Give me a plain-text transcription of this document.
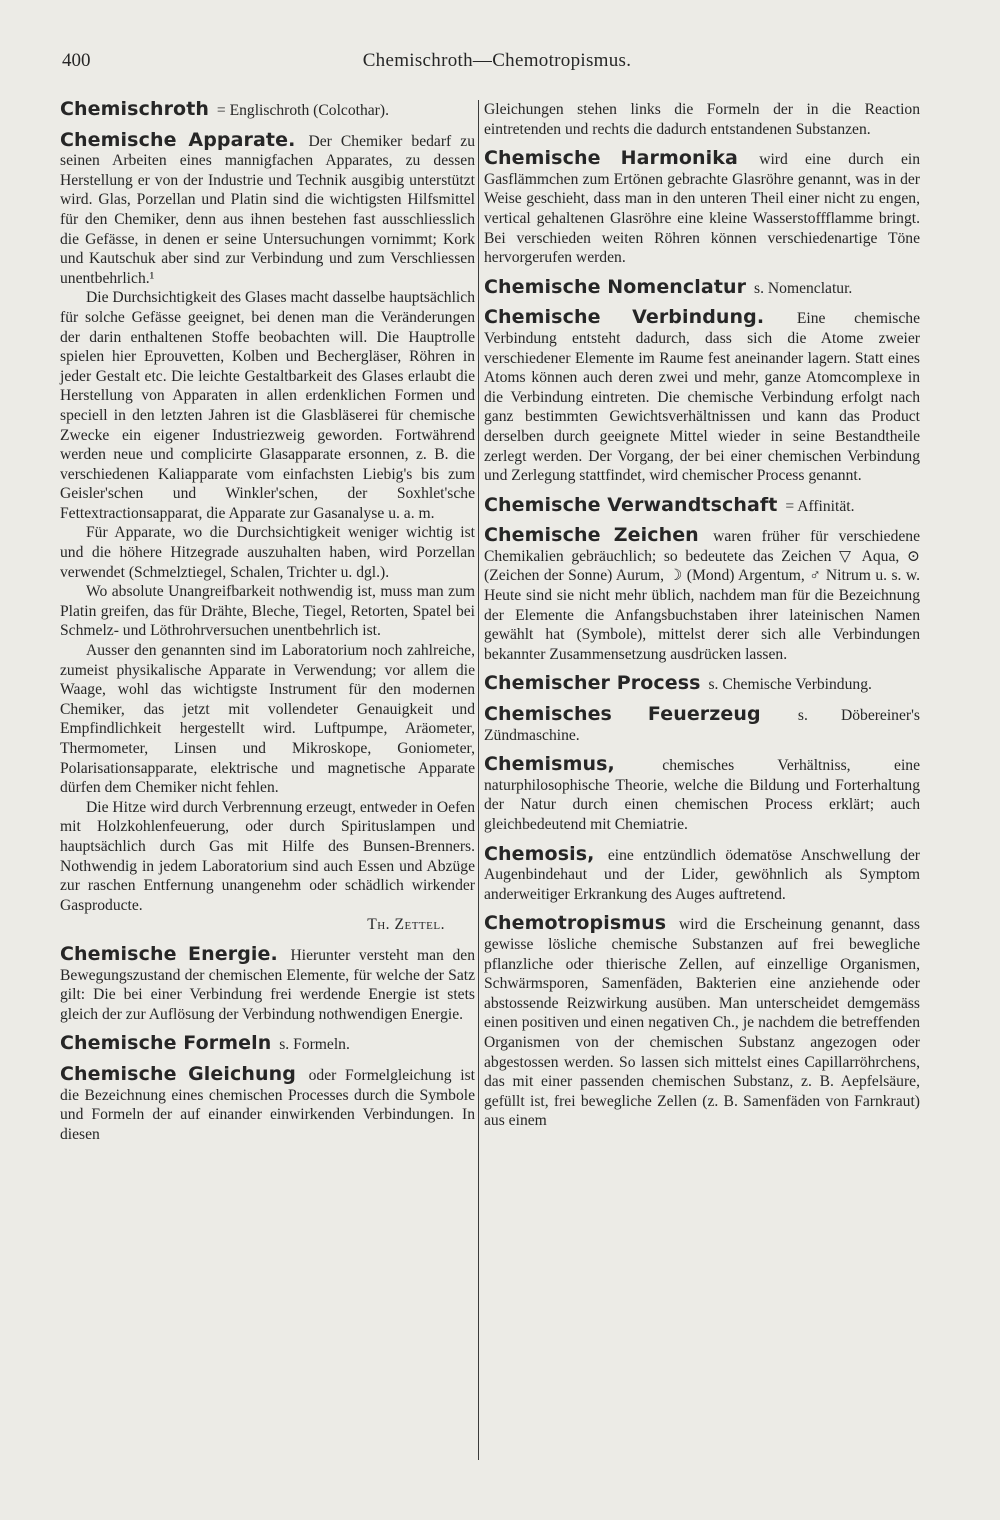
400	Chemischroth—Chemotropismus.

Chemischroth = Englischroth (Colcothar).

Chemische Apparate. Der Chemiker bedarf zu seinen Arbeiten eines mannigfachen Apparates, zu dessen Herstellung er von der Industrie und Technik ausgibig unterstützt wird. Glas, Porzellan und Platin sind die wichtigsten Hilfsmittel für den Chemiker, denn aus ihnen bestehen fast ausschliesslich die Gefässe, in denen er seine Untersuchungen vornimmt; Kork und Kautschuk aber sind zur Verbindung und zum Verschliessen unentbehrlich.¹

Die Durchsichtigkeit des Glases macht dasselbe hauptsächlich für solche Gefässe geeignet, bei denen man die Veränderungen der darin enthaltenen Stoffe beobachten will. Die Hauptrolle spielen hier Eprouvetten, Kolben und Bechergläser, Röhren in jeder Gestalt etc. Die leichte Gestaltbarkeit des Glases erlaubt die Herstellung von Apparaten in allen erdenklichen Formen und speciell in den letzten Jahren ist die Glasbläserei für chemische Zwecke ein eigener Industriezweig geworden. Fortwährend werden neue und complicirte Glasapparate ersonnen, z. B. die verschiedenen Kaliapparate vom einfachsten Liebig's bis zum Geisler'schen und Winkler'schen, der Soxhlet'sche Fettextractionsapparat, die Apparate zur Gasanalyse u. a. m.

Für Apparate, wo die Durchsichtigkeit weniger wichtig ist und die höhere Hitzegrade auszuhalten haben, wird Porzellan verwendet (Schmelztiegel, Schalen, Trichter u. dgl.).

Wo absolute Unangreifbarkeit nothwendig ist, muss man zum Platin greifen, das für Drähte, Bleche, Tiegel, Retorten, Spatel bei Schmelz- und Löthrohrversuchen unentbehrlich ist.

Ausser den genannten sind im Laboratorium noch zahlreiche, zumeist physikalische Apparate in Verwendung; vor allem die Waage, wohl das wichtigste Instrument für den modernen Chemiker, das jetzt mit vollendeter Genauigkeit und Empfindlichkeit hergestellt wird. Luftpumpe, Aräometer, Thermometer, Linsen und Mikroskope, Goniometer, Polarisationsapparate, elektrische und magnetische Apparate dürfen dem Chemiker nicht fehlen.

Die Hitze wird durch Verbrennung erzeugt, entweder in Oefen mit Holzkohlenfeuerung, oder durch Spirituslampen und hauptsächlich durch Gas mit Hilfe des Bunsen-Brenners. Nothwendig in jedem Laboratorium sind auch Essen und Abzüge zur raschen Entfernung unangenehm oder schädlich wirkender Gasproducte.

Th. Zettel.

Chemische Energie. Hierunter versteht man den Bewegungszustand der chemischen Elemente, für welche der Satz gilt: Die bei einer Verbindung frei werdende Energie ist stets gleich der zur Auflösung der Verbindung nothwendigen Energie.

Chemische Formeln s. Formeln.

Chemische Gleichung oder Formelgleichung ist die Bezeichnung eines chemischen Processes durch die Symbole und Formeln der auf einander einwirkenden Verbindungen. In diesen

Gleichungen stehen links die Formeln der in die Reaction eintretenden und rechts die dadurch entstandenen Substanzen.

Chemische Harmonika wird eine durch ein Gasflämmchen zum Ertönen gebrachte Glasröhre genannt, was in der Weise geschieht, dass man in den unteren Theil einer nicht zu engen, vertical gehaltenen Glasröhre eine kleine Wasserstoffflamme bringt. Bei verschieden weiten Röhren können verschiedenartige Töne hervorgerufen werden.

Chemische Nomenclatur s. Nomenclatur.

Chemische Verbindung. Eine chemische Verbindung entsteht dadurch, dass sich die Atome zweier verschiedener Elemente im Raume fest aneinander lagern. Statt eines Atoms können auch deren zwei und mehr, ganze Atomcomplexe in die Verbindung eintreten. Die chemische Verbindung erfolgt nach ganz bestimmten Gewichtsverhältnissen und kann das Product derselben durch geeignete Mittel wieder in seine Bestandtheile zerlegt werden. Der Vorgang, der bei einer chemischen Verbindung und Zerlegung stattfindet, wird chemischer Process genannt.

Chemische Verwandtschaft = Affinität.

Chemische Zeichen waren früher für verschiedene Chemikalien gebräuchlich; so bedeutete das Zeichen ▽ Aqua, ⊙ (Zeichen der Sonne) Aurum, ☽ (Mond) Argentum, ♂ Nitrum u. s. w. Heute sind sie nicht mehr üblich, nachdem man für die Bezeichnung der Elemente die Anfangsbuchstaben ihrer lateinischen Namen gewählt hat (Symbole), mittelst derer sich alle Verbindungen bekannter Zusammensetzung ausdrücken lassen.

Chemischer Process s. Chemische Verbindung.

Chemisches Feuerzeug s. Döbereiner's Zündmaschine.

Chemismus,	chemisches Verhältniss, eine naturphilosophische Theorie, welche die Bildung und Forterhaltung der Natur durch einen chemischen Process erklärt; auch gleichbedeutend mit Chemiatrie.

Chemosis, eine entzündlich ödematöse Anschwellung der Augenbindehaut und der Lider, gewöhnlich als Symptom anderweitiger Erkrankung des Auges auftretend.

Chemotropismus wird die Erscheinung genannt, dass gewisse lösliche chemische Substanzen auf frei bewegliche pflanzliche oder thierische Zellen, auf einzellige Organismen, Schwärmsporen, Samenfäden, Bakterien eine anziehende oder abstossende Reizwirkung ausüben. Man unterscheidet demgemäss einen positiven und einen negativen Ch., je nachdem die betreffenden Organismen von der chemischen Substanz angezogen oder abgestossen werden. So lassen sich mittelst eines Capillarröhrchens, das mit einer passenden chemischen Substanz, z. B. Aepfelsäure, gefüllt ist, frei bewegliche Zellen (z. B. Samenfäden von Farnkraut) aus einem
